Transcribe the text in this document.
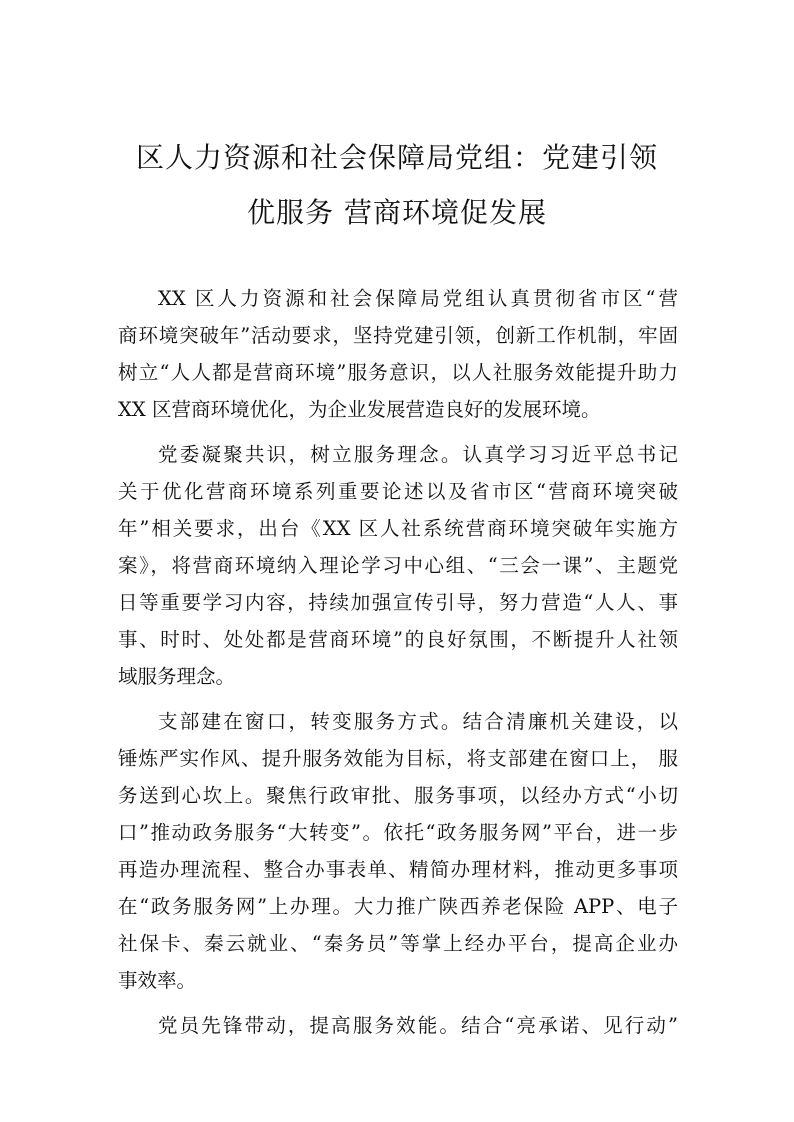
区人力资源和社会保障局党组：党建引领
优服务 营商环境促发展
XX 区人力资源和社会保障局党组认真贯彻省市区“营
商环境突破年”活动要求，坚持党建引领，创新工作机制，牢固
树立“人人都是营商环境”服务意识，以人社服务效能提升助力
XX 区营商环境优化，为企业发展营造良好的发展环境。
党委凝聚共识，树立服务理念。认真学习习近平总书记
关于优化营商环境系列重要论述以及省市区“营商环境突破
年”相关要求，出台《XX 区人社系统营商环境突破年实施方
案》，将营商环境纳入理论学习中心组、“三会一课”、主题党
日等重要学习内容，持续加强宣传引导，努力营造“人人、事
事、时时、处处都是营商环境”的良好氛围，不断提升人社领
域服务理念。
支部建在窗口，转变服务方式。结合清廉机关建设，以
锤炼严实作风、提升服务效能为目标，将支部建在窗口上， 服
务送到心坎上。聚焦行政审批、服务事项，以经办方式“小切
口”推动政务服务“大转变”。依托“政务服务网”平台，进一步
再造办理流程、整合办事表单、精简办理材料，推动更多事项
在“政务服务网”上办理。大力推广陕西养老保险 APP、电子
社保卡、秦云就业、“秦务员”等掌上经办平台，提高企业办
事效率。
党员先锋带动，提高服务效能。结合“亮承诺、见行动”
